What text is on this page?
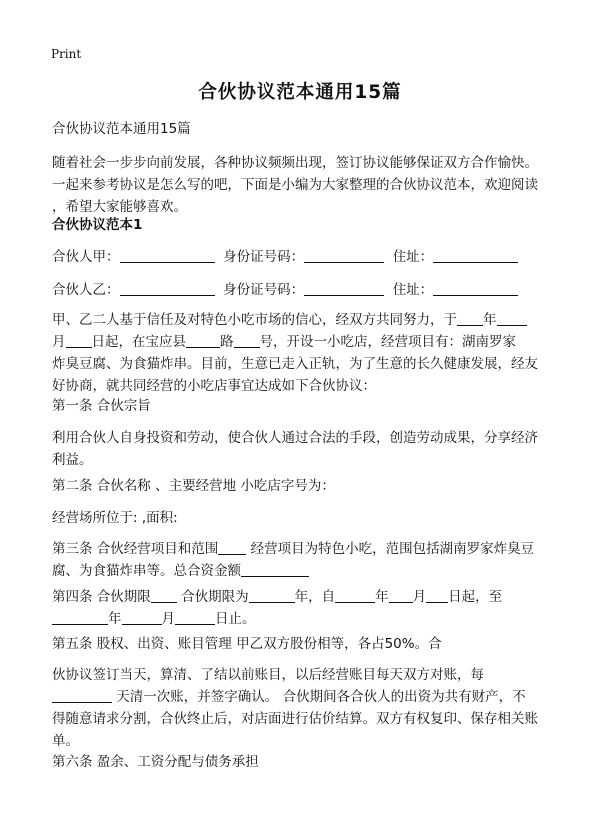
Print
合伙协议范本通用15篇
合伙协议范本通用15篇
随着社会一步步向前发展，各种协议频频出现，签订协议能够保证双方合作愉快。
一起来参考协议是怎么写的吧，下面是小编为大家整理的合伙协议范本，欢迎阅读
，希望大家能够喜欢。
合伙协议范本1
合伙人甲：	身份证号码：	住址：
合伙人乙：	身份证号码：	住址：
甲、乙二人基于信任及对特色小吃市场的信心，经双方共同努力，于 年
月 日起，在宝应县	路 号，开设一小吃店，经营项目有：湖南罗家
炸臭豆腐、为食猫炸串。目前，生意已走入正轨，为了生意的长久健康发展，经友
好协商，就共同经营的小吃店事宜达成如下合伙协议：
第一条 合伙宗旨
利用合伙人自身投资和劳动，使合伙人通过合法的手段，创造劳动成果，分享经济
利益。
第二条 合伙名称 、主要经营地 小吃店字号为：
经营场所位于: ,面积:
第三条 合伙经营项目和范围 经营项目为特色小吃，范围包括湖南罗家炸臭豆
腐、为食猫炸串等。总合资金额
第四条 合伙期限 合伙期限为	年，自	年 月 日起，至
年	月	日止。
第五条 股权、出资、账目管理 甲乙双方股份相等，各占50%。合
伙协议签订当天，算清、了结以前账目，以后经营账目每天双方对账，每
天清一次账，并签字确认。 合伙期间各合伙人的出资为共有财产，不
得随意请求分割，合伙终止后，对店面进行估价结算。双方有权复印、保存相关账
单。
第六条 盈余、工资分配与债务承担
